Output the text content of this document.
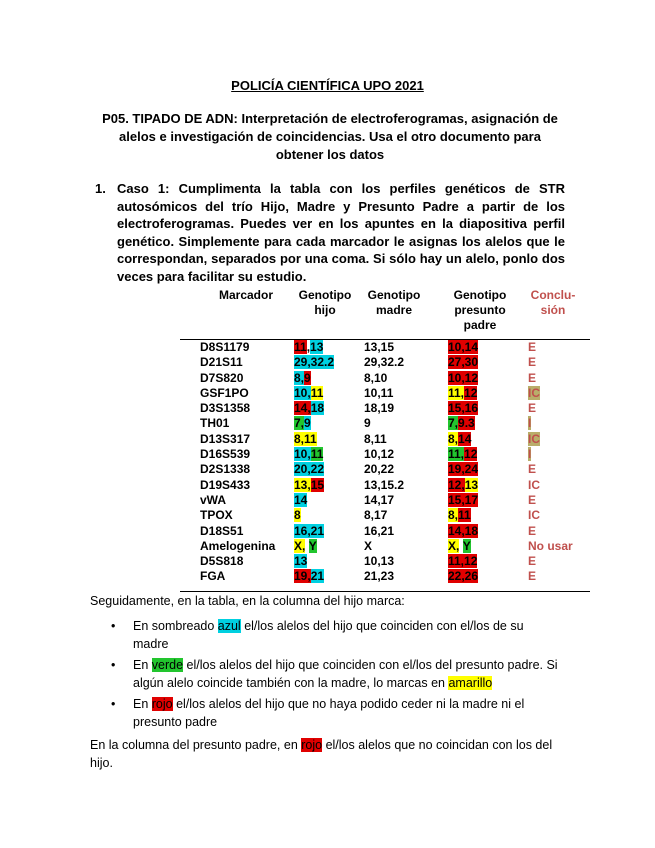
POLICÍA CIENTÍFICA UPO 2021
P05. TIPADO DE ADN: Interpretación de electroferogramas, asignación de alelos e investigación de coincidencias. Usa el otro documento para obtener los datos
1. Caso 1: Cumplimenta la tabla con los perfiles genéticos de STR autosómicos del trío Hijo, Madre y Presunto Padre a partir de los electroferogramas. Puedes ver en los apuntes en la diapositiva perfil genético. Simplemente para cada marcador le asignas los alelos que le correspondan, separados por una coma. Si sólo hay un alelo, ponlo dos veces para facilitar su estudio.
Marcador	Genotipo hijo	Genotipo madre	Genotipo presunto padre	Conclu-sión

D8S1179	11,13	13,15	10,14	E
D21S11	29,32.2	29,32.2	27,30	E
D7S820	8,9	8,10	10,12	E
GSF1PO	10,11	10,11	11,12	IC
D3S1358	14,18	18,19	15,16	E
TH01	7,9	9	7,9.3	I
D13S317	8,11	8,11	8,14	IC
D16S539	10,11	10,12	11,12	I
D2S1338	20,22	20,22	19,24	E
D19S433	13,15	13,15.2	12,13	IC
vWA	14	14,17	15,17	E
TPOX	8	8,17	8,11	IC
D18S51	16,21	16,21	14,18	E
Amelogenina	X, Y	X	X, Y	No usar
D5S818	13	10,13	11,12	E
FGA	19,21	21,23	22,26	E
Seguidamente, en la tabla, en la columna del hijo marca:
• En sombreado azul el/los alelos del hijo que coinciden con el/los de su madre
• En verde el/los alelos del hijo que coinciden con el/los del presunto padre. Si algún alelo coincide también con la madre, lo marcas en amarillo
• En rojo el/los alelos del hijo que no haya podido ceder ni la madre ni el presunto padre
En la columna del presunto padre, en rojo el/los alelos que no coincidan con los del hijo.
